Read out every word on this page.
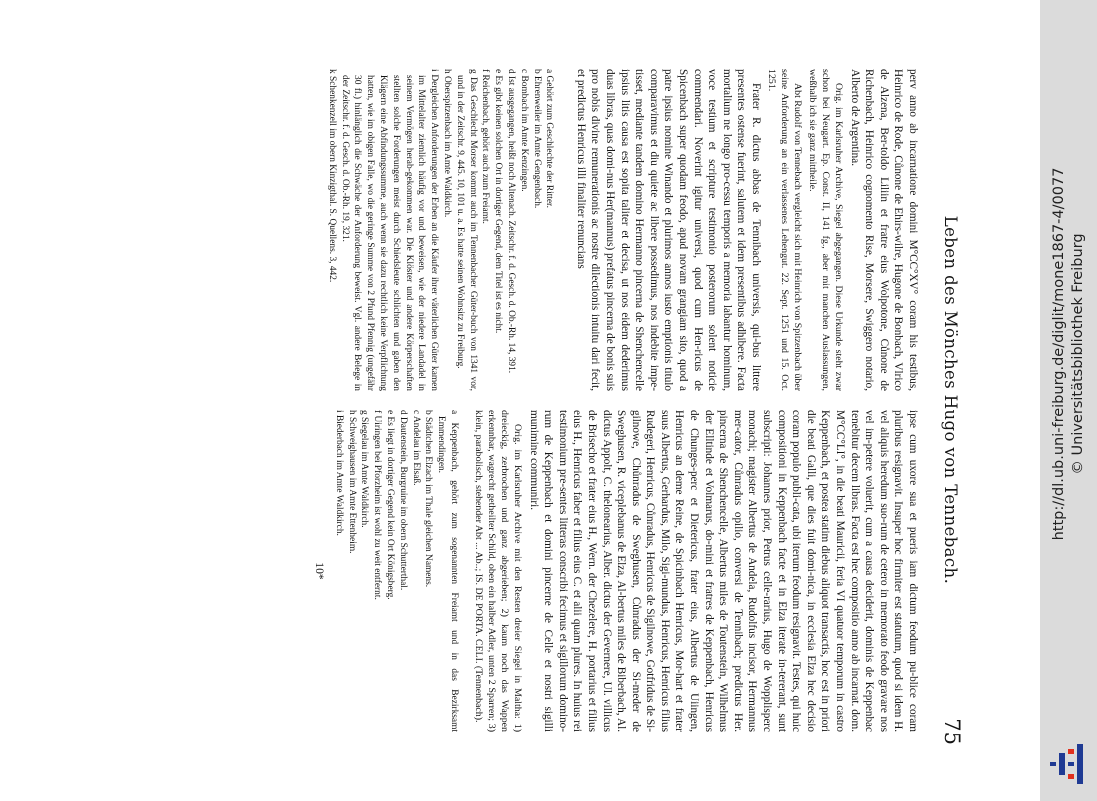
http://dl.ub.uni-freiburg.de/diglit/mone1867-4/0077 © Universitätsbibliothek Freiburg
Leben des Mönches Hugo von Tennebach.
75

perv anno ab incarnatione domini M°CC°XV° coram his testibus, Heinrico de Rode, Cůnone de Ehirs-wilre, Hugone de Bonbach, Vlrico de Alzena, Ber-toldo Liliin et fratre eius Wolpotone, Cůnone de Richenbach, Heinrico cognomento Rise, Morsere, Swiggero notario, Alberto de Argentina.

Orig. im Karlsruher Archive, Siegel abgegangen. Diese Urkunde steht zwar schon bei Neugart. Ep. Const. II, 141 fg., aber mit manchen Auslassungen, weßhalb ich sie ganz mittheile.

Abt Rudolf von Tennebach vergleicht sich mit Heinrich von Spitzenbach über seine Anforderung an ein verlassenes Lehengut. 22. Sept. 1251 und 15. Oct. 1251.

Frater R. dictus abbas de Tennibach universis, qui-bus littere presentes ostense fuerint, salutem et idem presentibus adhibere. Facta mortalium ne longo pro-cessu temporis a memoria labantur hominum, voce testium et scripture testimonio posterorum solent noticie commendari. Noverint igitur universi, quod cum Hen-ricus de Spicenbach super quodam feodo, apud novam grangiam sito, quod a patre ipsius nomine Winando et plurimos annos iusto emptionis titulo comparavimus et diu quiete ac libere possedimus, nos indebite impe-tisset, mediante tandem domino Hermanno pincerna de Shenchencelle ipsius litis causa est sopita taliter et decisa, ut nos eidem dederimus duas libras, quas domi-nus Her(mannus) prefatus pincerna de bonis suis pro nobis divine remunerationis ac nostre dilectionis intuitu dari fecit, et predictus Henricus illi finaliter renuncians

a Gehört zum Geschlechte der Ritter.

b Ehrenweiler im Amte Gengenbach.

c Bombach im Amte Kenzingen.

d Ist ausgegangen, heißt noch Altenach. Zeitschr. f. d. Gesch. d. Ob.-Rh. 14, 391.

e Es gibt keinen solchen Ort in dortiger Gegend, dem Titel ist es nicht.

f Reichenbach, gehört auch zum Freiamt.

g Das Geschlecht Morser kommt auch im Tennenbacher Güter-buch von 1341 vor, und in der Zeitschr. 9, 445. 10, 101 u. a. Es hatte seinen Wohnsitz zu Freiburg.

h Oberspitzenbach im Amte Waldkirch.

i Dergleichen Anforderungen der Erben an die Käufer ihrer väterlichen Güter kamen im Mittelalter ziemlich häufig vor und beweisen, wie der niedere Landadel in seinem Vermögen herab-gekommen war. Die Klöster und andere Körperschaften stellten solche Forderungen meist durch Schiedsleute schlichten und gaben den Klägern eine Abfindungssumme, auch wenn sie dazu rechtlich keine Verpflichtung hatten, wie im obigen Falle, wo die geringe Summe von 2 Pfund Pfennig (ungefähr 30 fl.) hinlänglich die Schwäche der Anforderung beweist. Vgl. andere Belege in der Zeitschr. f. d. Gesch. d. Ob.-Rh. 19, 321.

k Schenkenzell im obern Kinzigthal. S. Quellens. 3, 442.

ipse cum uxore sua et pueris iam dictum feodum pu-blice coram pluribus resignavit. Insuper hoc firmiter est statutum, quod si idem H. vel aliquis heredum suo-rum de cetero in memorato feodo gravare nos vel im-petere voluerit, cum a causa deciderit, dominis de Keppenbac tenebitur decem libras. Facta est hec compositio anno ab incarnat. dom. M°CC°LI°, in die beati Mauricii, feria VI quatuor temporum in castro Keppenbach, et postea statim diebus aliquot transactis, hoc est in priori die beati Galli, que dies fuit domi-nica, in ecclesia Elza hec decisio coram populo publi-cata, ubi iterum feodum resignavit. Testes, qui huic compositioni in Keppenbach facte et in Elza iterate in-tererant, sunt subscripti: Johannes prior, Petrus celle-rarius, Hugo de Wopplisperc monachi; magister Albertus de Andela, Rudolfus incisor, Hermannus mer-cator, Cůnradus opilio, conversi de Tennibach; predictus Her. pincerna de Shenchencelle, Albertus miles de Toutenstein, Wilhelmus der Elltinde et Volmarus, do-mini et fratres de Keppenbach, Henricus de Chunges-perc et Dietericus, frater eius, Albertus de Uiingen, Henricus an deme Reine, de Spicinbach Henricus, Mor-hart et frater suus Albertus, Gerhardus, Milo, Sigi-mundus, Henricus, Henricus filius Rudegeri, Henricus, Cůnradus, Henricus de Sigilnowe, Gotfridus de Si-gilnowe, Chůnradus de Sweghusen, Cůnradus der Si-meder de Sweghusen, R. viceplebanus de Elza, Al-bertus miles de Biberbach, Al. dictus Appolt, C. thelonearius, Alber. dictus der Gevernere, Ul. villicus de Brisecho et frater eius H., Wern. der Chezelere, H. portarius et filius eius H., Henricus faber et filius eius C. et alii quam plures. In huius rei testimonium pre-sentes litteras conscribi fecimus et sigillorum domino-rum de Keppenbach et domini pincerne de Celle et nostri sigilli munimine communiri.

Orig. im Karlsruher Archive mit den Resten dreier Siegel in Maltha: 1) dreieckig, zerbrochen und ganz abgerieben; 2) kaum noch das Wappen erkennbar, wagrecht getheilter Schild, oben ein halber Adler, unten 2 Sparren; 3) klein, parabolisch, stehender Abt ... Ab..; IS. DE PORTA. CELI. (Tennenbach).

a Keppenbach, gehört zum sogenannten Freiamt und in das Bezirksamt Emmendingen.

b Städtchen Elzach im Thale gleichen Namens.

c Andelau im Elsaß.

d Dautenstein, Burgruine im obern Schutterthal.

e Es liegt in dortiger Gegend kein Ort Königsberg.

f Uiringen bei Pforzheim ist wohl zu weit entfernt.

g Siegelau im Amte Waldkirch.

h Schweighausen im Amte Ettenheim.

i Biederbach im Amte Waldkirch.

10*
